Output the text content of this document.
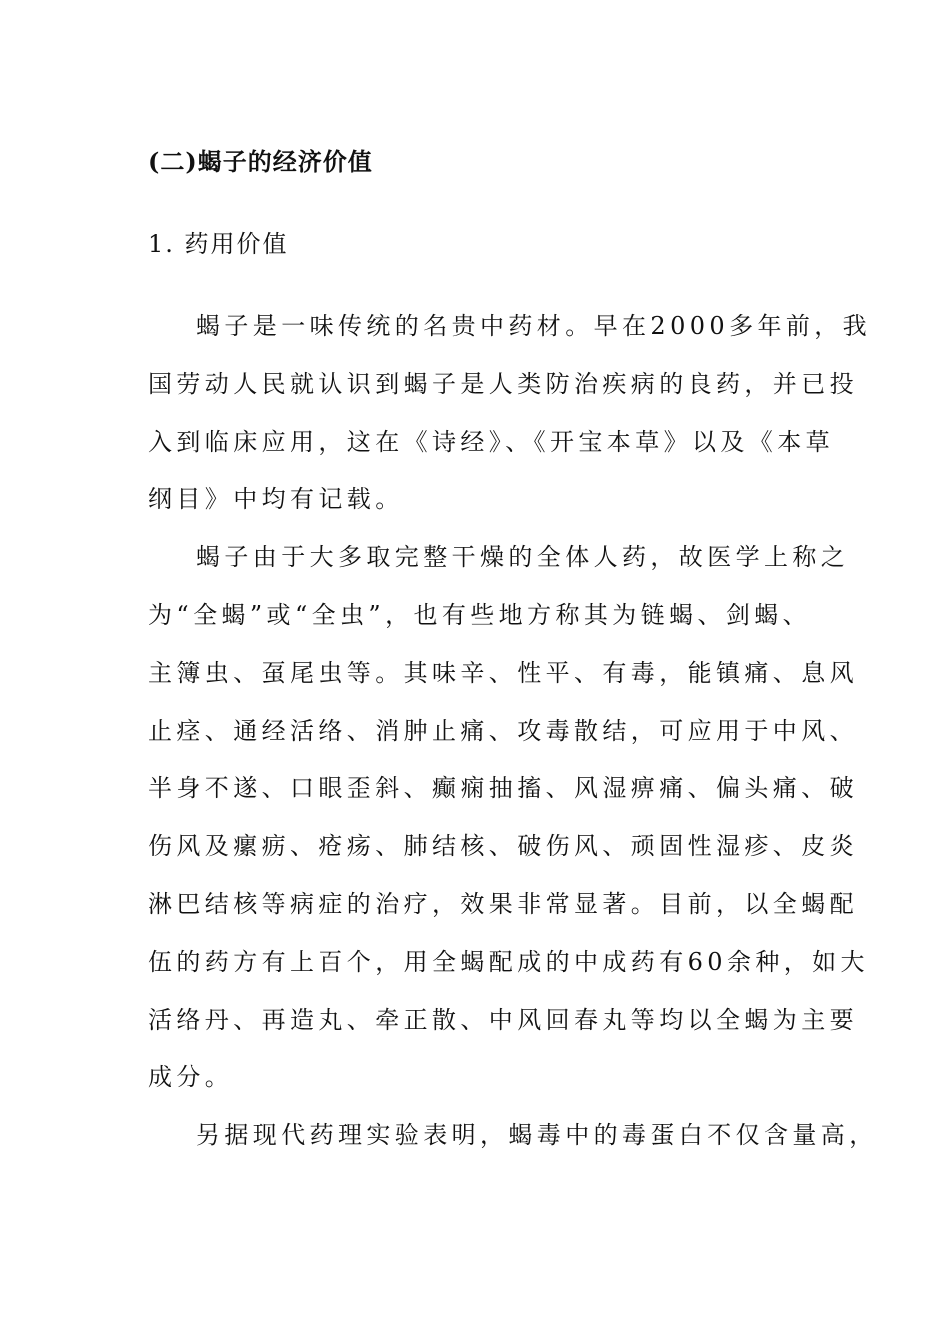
(二)蝎子的经济价值
1. 药用价值
蝎子是一味传统的名贵中药材。早在2000多年前，我
国劳动人民就认识到蝎子是人类防治疾病的良药，并已投
入到临床应用，这在《诗经》、《开宝本草》以及《本草
纲目》中均有记载。
蝎子由于大多取完整干燥的全体人药，故医学上称之
为“全蝎”或“全虫”，也有些地方称其为链蝎、剑蝎、
主簿虫、虿尾虫等。其味辛、性平、有毒，能镇痛、息风
止痉、通经活络、消肿止痛、攻毒散结，可应用于中风、
半身不遂、口眼歪斜、癫痫抽搐、风湿痹痛、偏头痛、破
伤风及瘰疬、疮疡、肺结核、破伤风、顽固性湿疹、皮炎
淋巴结核等病症的治疗，效果非常显著。目前，以全蝎配
伍的药方有上百个，用全蝎配成的中成药有60余种，如大
活络丹、再造丸、牵正散、中风回春丸等均以全蝎为主要
成分。
另据现代药理实验表明，蝎毒中的毒蛋白不仅含量高，
